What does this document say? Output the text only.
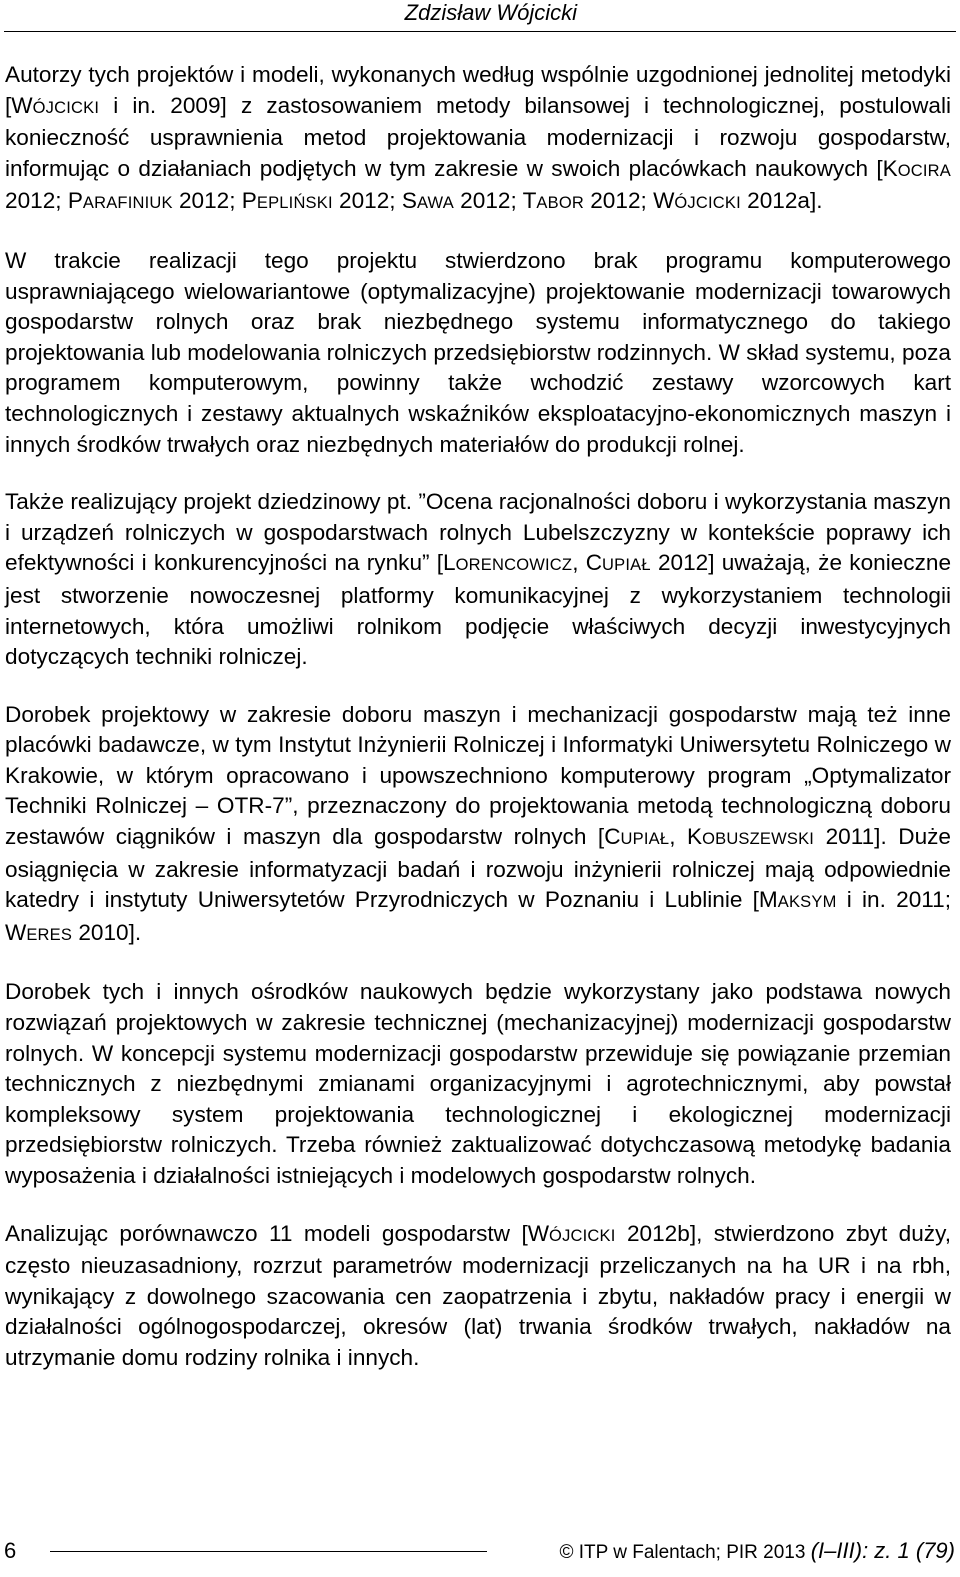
Zdzisław Wójcicki

Autorzy tych projektów i modeli, wykonanych według wspólnie uzgodnionej jednolitej metodyki [WÓJCICKI i in. 2009] z zastosowaniem metody bilansowej i technologicznej, postulowali konieczność usprawnienia metod projektowania modernizacji i rozwoju gospodarstw, informując o działaniach podjętych w tym zakresie w swoich placówkach naukowych [KOCIRA 2012; PARAFINIUK 2012; PEPLIŃSKI 2012; SAWA 2012; TABOR 2012; WÓJCICKI 2012a].

W trakcie realizacji tego projektu stwierdzono brak programu komputerowego usprawniającego wielowariantowe (optymalizacyjne) projektowanie modernizacji towarowych gospodarstw rolnych oraz brak niezbędnego systemu informatycznego do takiego projektowania lub modelowania rolniczych przedsiębiorstw rodzinnych. W skład systemu, poza programem komputerowym, powinny także wchodzić zestawy wzorcowych kart technologicznych i zestawy aktualnych wskaźników eksploatacyjno-ekonomicznych maszyn i innych środków trwałych oraz niezbędnych materiałów do produkcji rolnej.

Także realizujący projekt dziedzinowy pt. ”Ocena racjonalności doboru i wykorzystania maszyn i urządzeń rolniczych w gospodarstwach rolnych Lubelszczyzny w kontekście poprawy ich efektywności i konkurencyjności na rynku” [LORENCOWICZ, CUPIAŁ 2012] uważają, że konieczne jest stworzenie nowoczesnej platformy komunikacyjnej z wykorzystaniem technologii internetowych, która umożliwi rolnikom podjęcie właściwych decyzji inwestycyjnych dotyczących techniki rolniczej.

Dorobek projektowy w zakresie doboru maszyn i mechanizacji gospodarstw mają też inne placówki badawcze, w tym Instytut Inżynierii Rolniczej i Informatyki Uniwersytetu Rolniczego w Krakowie, w którym opracowano i upowszechniono komputerowy program „Optymalizator Techniki Rolniczej – OTR-7”, przeznaczony do projektowania metodą technologiczną doboru zestawów ciągników i maszyn dla gospodarstw rolnych [CUPIAŁ, KOBUSZEWSKI 2011]. Duże osiągnięcia w zakresie informatyzacji badań i rozwoju inżynierii rolniczej mają odpowiednie katedry i instytuty Uniwersytetów Przyrodniczych w Poznaniu i Lublinie [MAKSYM i in. 2011; WERES 2010].

Dorobek tych i innych ośrodków naukowych będzie wykorzystany jako podstawa nowych rozwiązań projektowych w zakresie technicznej (mechanizacyjnej) modernizacji gospodarstw rolnych. W koncepcji systemu modernizacji gospodarstw przewiduje się powiązanie przemian technicznych z niezbędnymi zmianami organizacyjnymi i agrotechnicznymi, aby powstał kompleksowy system projektowania technologicznej i ekologicznej modernizacji przedsiębiorstw rolniczych. Trzeba również zaktualizować dotychczasową metodykę badania wyposażenia i działalności istniejących i modelowych gospodarstw rolnych.

Analizując porównawczo 11 modeli gospodarstw [WÓJCICKI 2012b], stwierdzono zbyt duży, często nieuzasadniony, rozrzut parametrów modernizacji przeliczanych na ha UR i na rbh, wynikający z dowolnego szacowania cen zaopatrzenia i zbytu, nakładów pracy i energii w działalności ogólnogospodarczej, okresów (lat) trwania środków trwałych, nakładów na utrzymanie domu rodziny rolnika i innych.

6	© ITP w Falentach; PIR 2013 (I–III): z. 1 (79)
